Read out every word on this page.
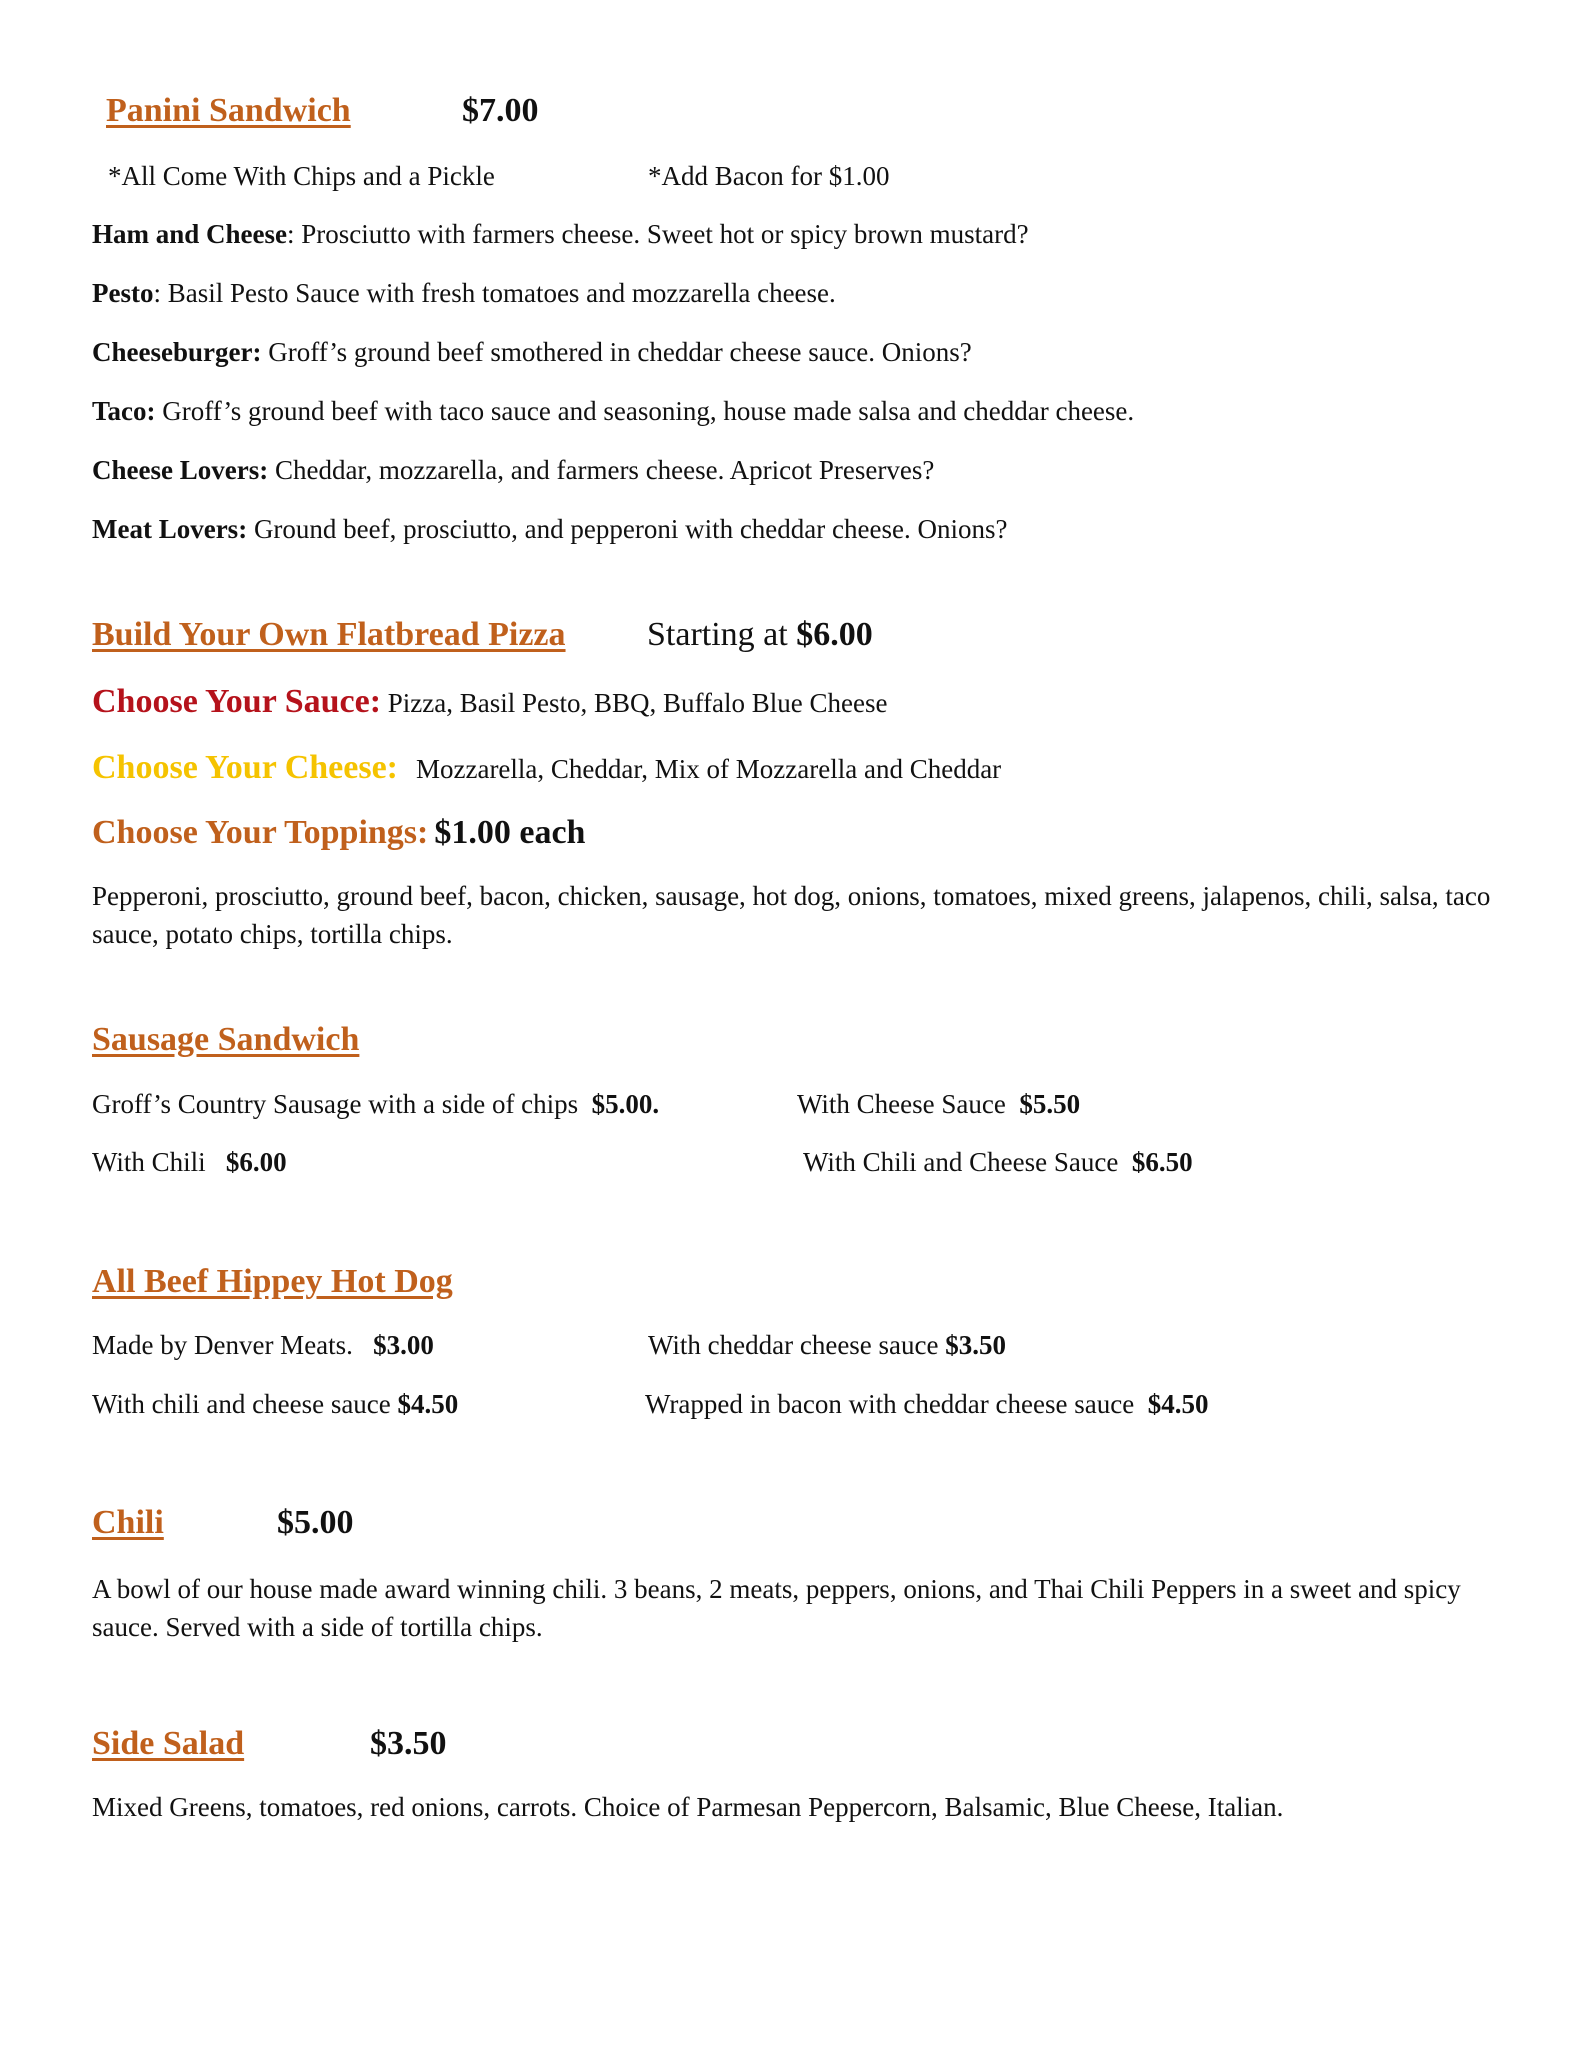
Panini Sandwich	$7.00
*All Come With Chips and a Pickle	*Add Bacon for $1.00
Ham and Cheese: Prosciutto with farmers cheese. Sweet hot or spicy brown mustard?
Pesto: Basil Pesto Sauce with fresh tomatoes and mozzarella cheese.
Cheeseburger: Groff’s ground beef smothered in cheddar cheese sauce. Onions?
Taco: Groff’s ground beef with taco sauce and seasoning, house made salsa and cheddar cheese.
Cheese Lovers: Cheddar, mozzarella, and farmers cheese. Apricot Preserves?
Meat Lovers: Ground beef, prosciutto, and pepperoni with cheddar cheese. Onions?
Build Your Own Flatbread Pizza Starting at $6.00
Choose Your Sauce: Pizza, Basil Pesto, BBQ, Buffalo Blue Cheese
Choose Your Cheese: Mozzarella, Cheddar, Mix of Mozzarella and Cheddar
Choose Your Toppings: $1.00 each
Pepperoni, prosciutto, ground beef, bacon, chicken, sausage, hot dog, onions, tomatoes, mixed greens, jalapenos, chili, salsa, taco sauce, potato chips, tortilla chips.
Sausage Sandwich
Groff’s Country Sausage with a side of chips $5.00.	With Cheese Sauce $5.50
With Chili $6.00	With Chili and Cheese Sauce $6.50
All Beef Hippey Hot Dog
Made by Denver Meats. $3.00	With cheddar cheese sauce $3.50
With chili and cheese sauce $4.50	Wrapped in bacon with cheddar cheese sauce $4.50
Chili	$5.00
A bowl of our house made award winning chili. 3 beans, 2 meats, peppers, onions, and Thai Chili Peppers in a sweet and spicy sauce. Served with a side of tortilla chips.
Side Salad	$3.50
Mixed Greens, tomatoes, red onions, carrots. Choice of Parmesan Peppercorn, Balsamic, Blue Cheese, Italian.
